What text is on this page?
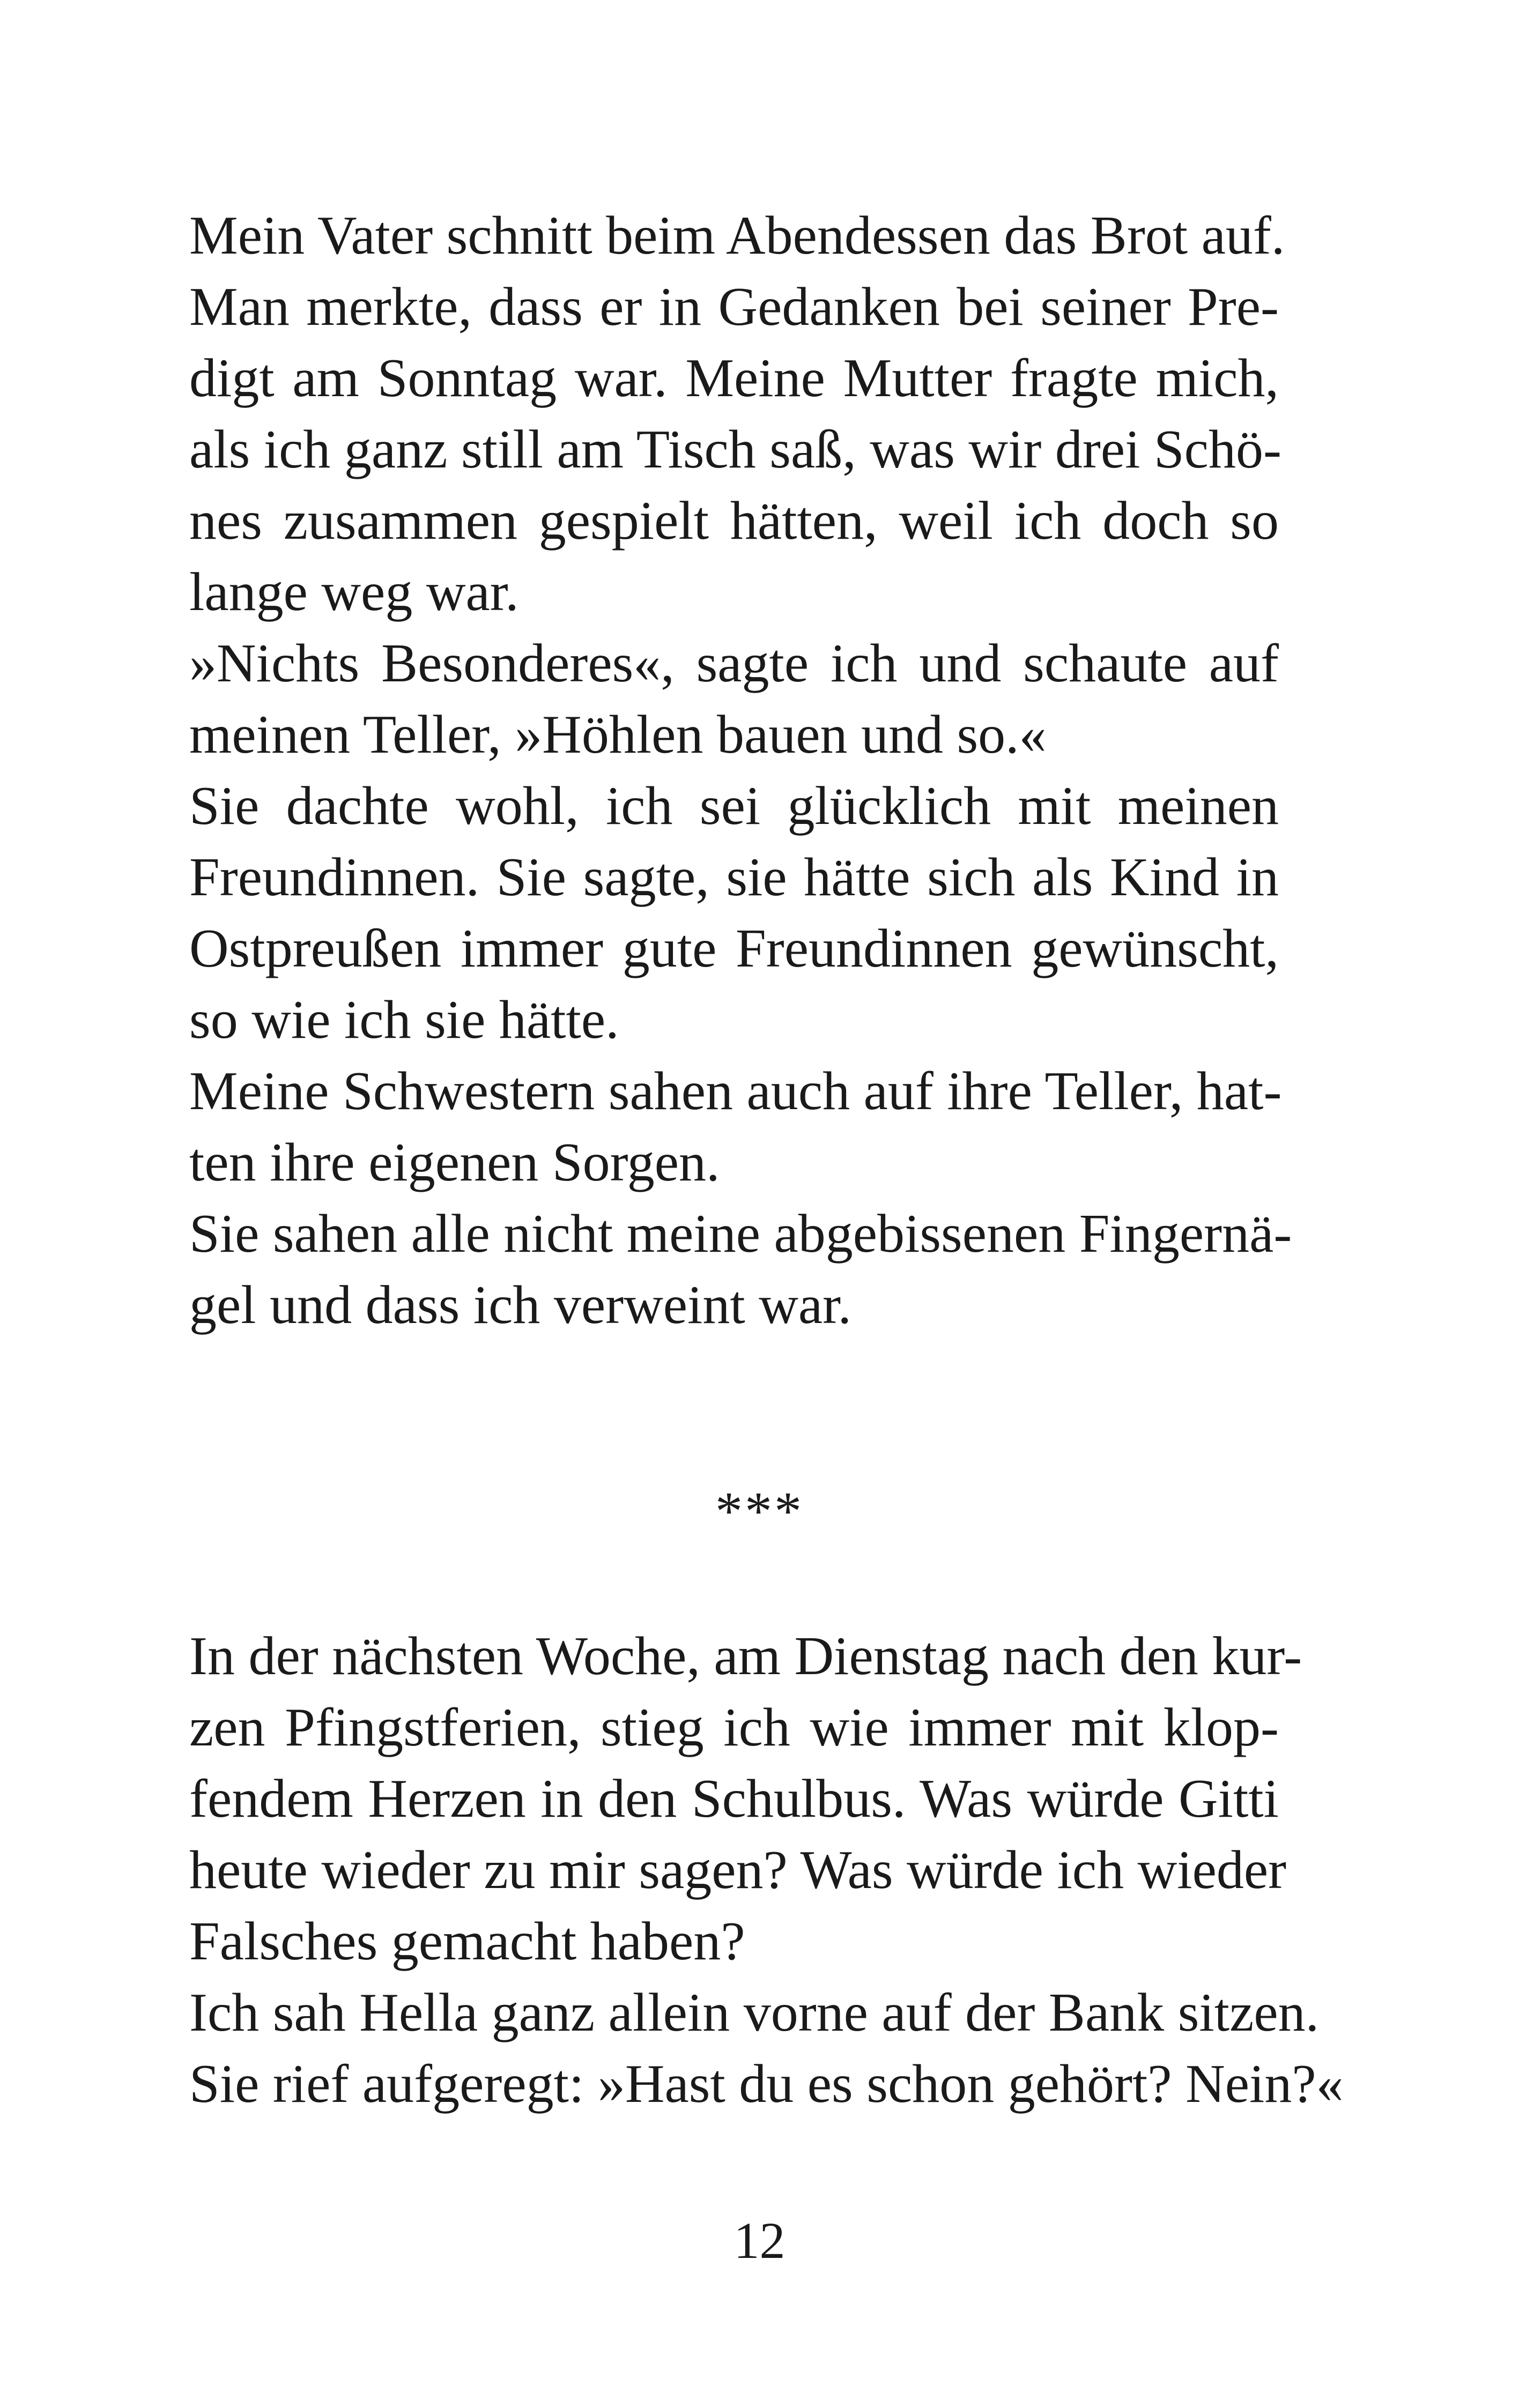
Mein Vater schnitt beim Abendessen das Brot auf.
Man merkte, dass er in Gedanken bei seiner Pre-
digt am Sonntag war. Meine Mutter fragte mich,
als ich ganz still am Tisch saß, was wir drei Schö-
nes zusammen gespielt hätten, weil ich doch so
lange weg war.
»Nichts Besonderes«, sagte ich und schaute auf
meinen Teller, »Höhlen bauen und so.«
Sie dachte wohl, ich sei glücklich mit meinen
Freundinnen. Sie sagte, sie hätte sich als Kind in
Ostpreußen immer gute Freundinnen gewünscht,
so wie ich sie hätte.
Meine Schwestern sahen auch auf ihre Teller, hat-
ten ihre eigenen Sorgen.
Sie sahen alle nicht meine abgebissenen Fingernä-
gel und dass ich verweint war.
***
In der nächsten Woche, am Dienstag nach den kur-
zen Pfingstferien, stieg ich wie immer mit klop-
fendem Herzen in den Schulbus. Was würde Gitti
heute wieder zu mir sagen? Was würde ich wieder
Falsches gemacht haben?
Ich sah Hella ganz allein vorne auf der Bank sitzen.
Sie rief aufgeregt: »Hast du es schon gehört? Nein?«
12
